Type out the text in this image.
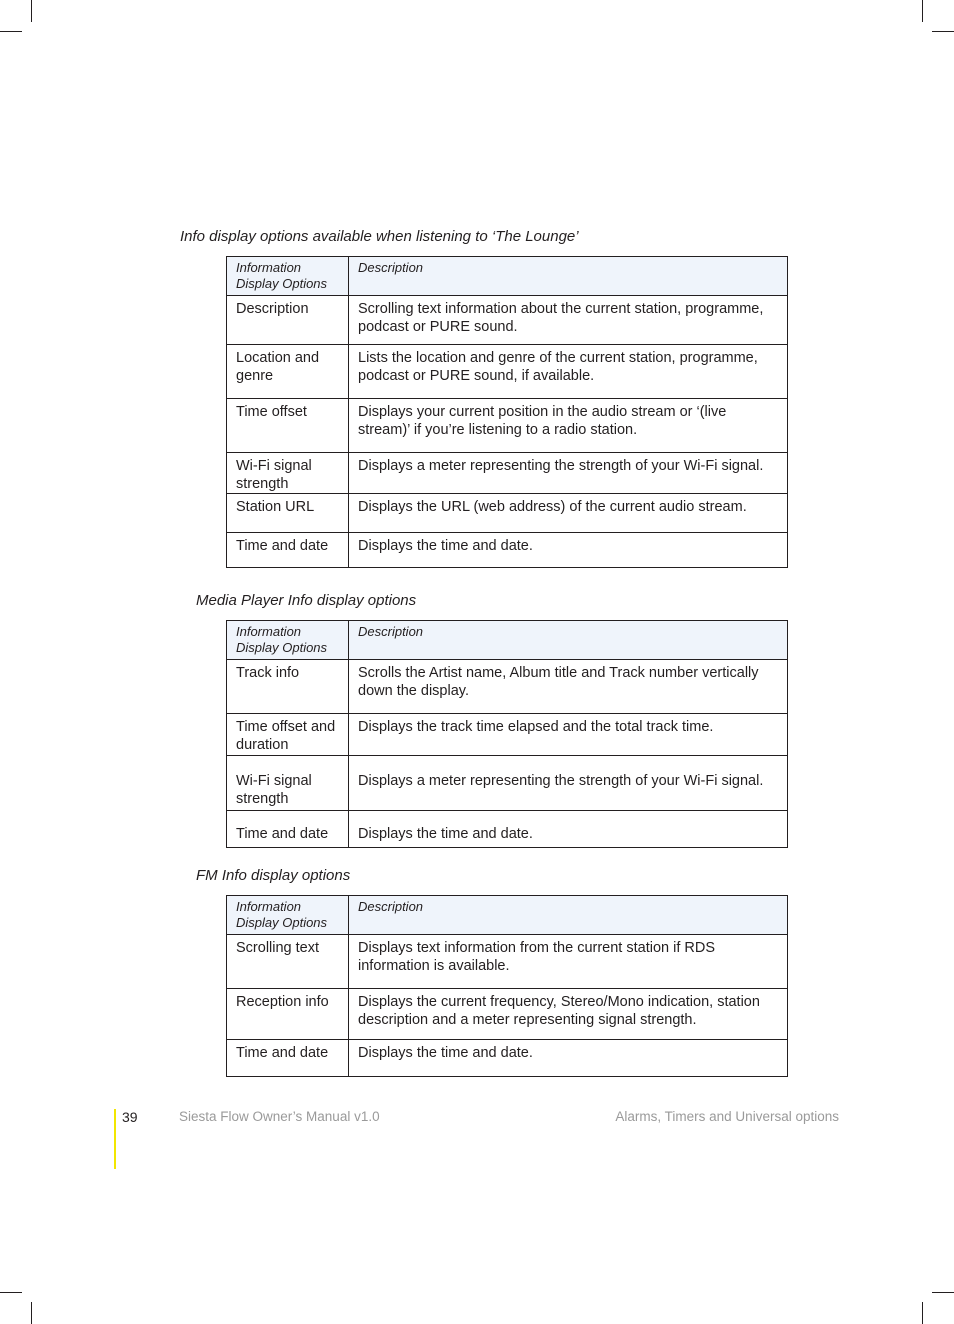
Info display options available when listening to ‘The Lounge’

Information Display Options	Description
Description	Scrolling text information about the current station, programme, podcast or PURE sound.
Location and genre	Lists the location and genre of the current station, programme, podcast or PURE sound, if available.
Time offset	Displays your current position in the audio stream or ‘(live stream)’ if you’re listening to a radio station.
Wi-Fi signal strength	Displays a meter representing the strength of your Wi-Fi signal.
Station URL	Displays the URL (web address) of the current audio stream.
Time and date	Displays the time and date.

Media Player Info display options

Information Display Options	Description
Track info	Scrolls the Artist name, Album title and Track number vertically down the display.
Time offset and duration	Displays the track time elapsed and the total track time.
Wi-Fi signal strength	Displays a meter representing the strength of your Wi-Fi signal.
Time and date	Displays the time and date.

FM Info display options

Information Display Options	Description
Scrolling text	Displays text information from the current station if RDS information is available.
Reception info	Displays the current frequency, Stereo/Mono indication, station description and a meter representing signal strength.
Time and date	Displays the time and date.
39	Siesta Flow Owner’s Manual v1.0	Alarms, Timers and Universal options
